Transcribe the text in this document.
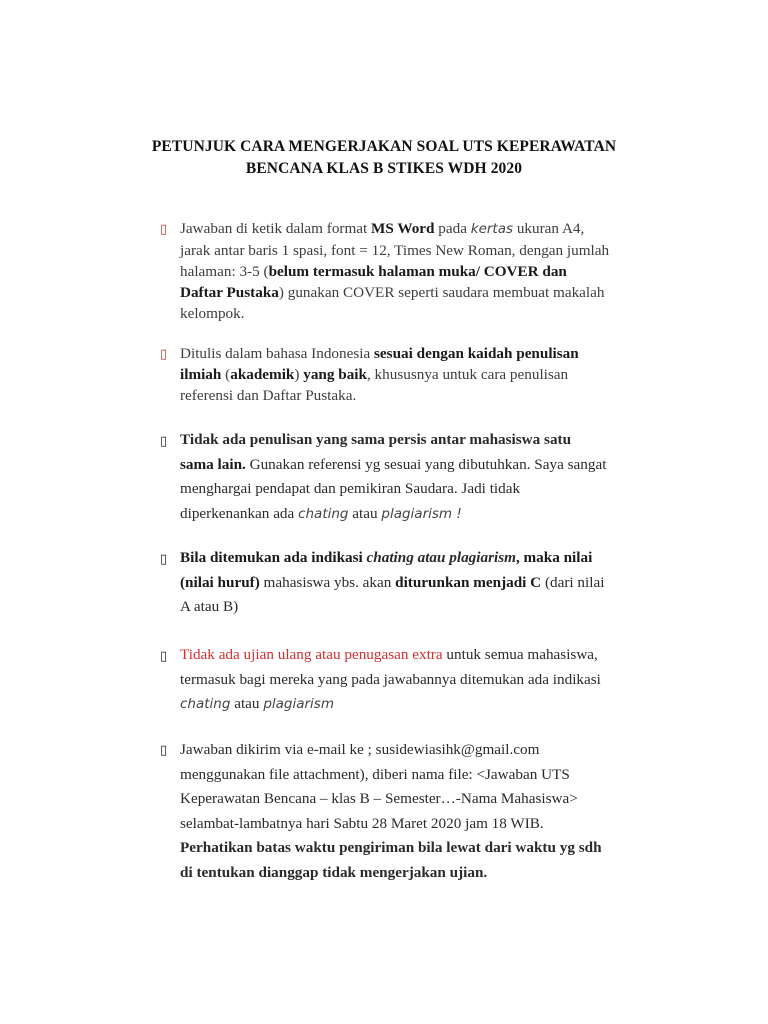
PETUNJUK CARA MENGERJAKAN SOAL UTS KEPERAWATAN
BENCANA KLAS B STIKES WDH 2020
▯ Jawaban di ketik dalam format MS Word pada kertas ukuran A4,
jarak antar baris 1 spasi, font = 12, Times New Roman, dengan jumlah
halaman: 3-5 (belum termasuk halaman muka/ COVER dan
Daftar Pustaka) gunakan COVER seperti saudara membuat makalah
kelompok.
▯ Ditulis dalam bahasa Indonesia sesuai dengan kaidah penulisan
ilmiah (akademik) yang baik, khususnya untuk cara penulisan
referensi dan Daftar Pustaka.
▯ Tidak ada penulisan yang sama persis antar mahasiswa satu
sama lain. Gunakan referensi yg sesuai yang dibutuhkan. Saya sangat
menghargai pendapat dan pemikiran Saudara. Jadi tidak
diperkenankan ada chating atau plagiarism !
▯ Bila ditemukan ada indikasi chating atau plagiarism, maka nilai
(nilai huruf) mahasiswa ybs. akan diturunkan menjadi C (dari nilai
A atau B)
▯ Tidak ada ujian ulang atau penugasan extra untuk semua mahasiswa,
termasuk bagi mereka yang pada jawabannya ditemukan ada indikasi
chating atau plagiarism
▯ Jawaban dikirim via e-mail ke ; susidewiasihk@gmail.com
menggunakan file attachment), diberi nama file: <Jawaban UTS
Keperawatan Bencana – klas B – Semester…-Nama Mahasiswa>
selambat-lambatnya hari Sabtu 28 Maret 2020 jam 18 WIB.
Perhatikan batas waktu pengiriman bila lewat dari waktu yg sdh
di tentukan dianggap tidak mengerjakan ujian.
